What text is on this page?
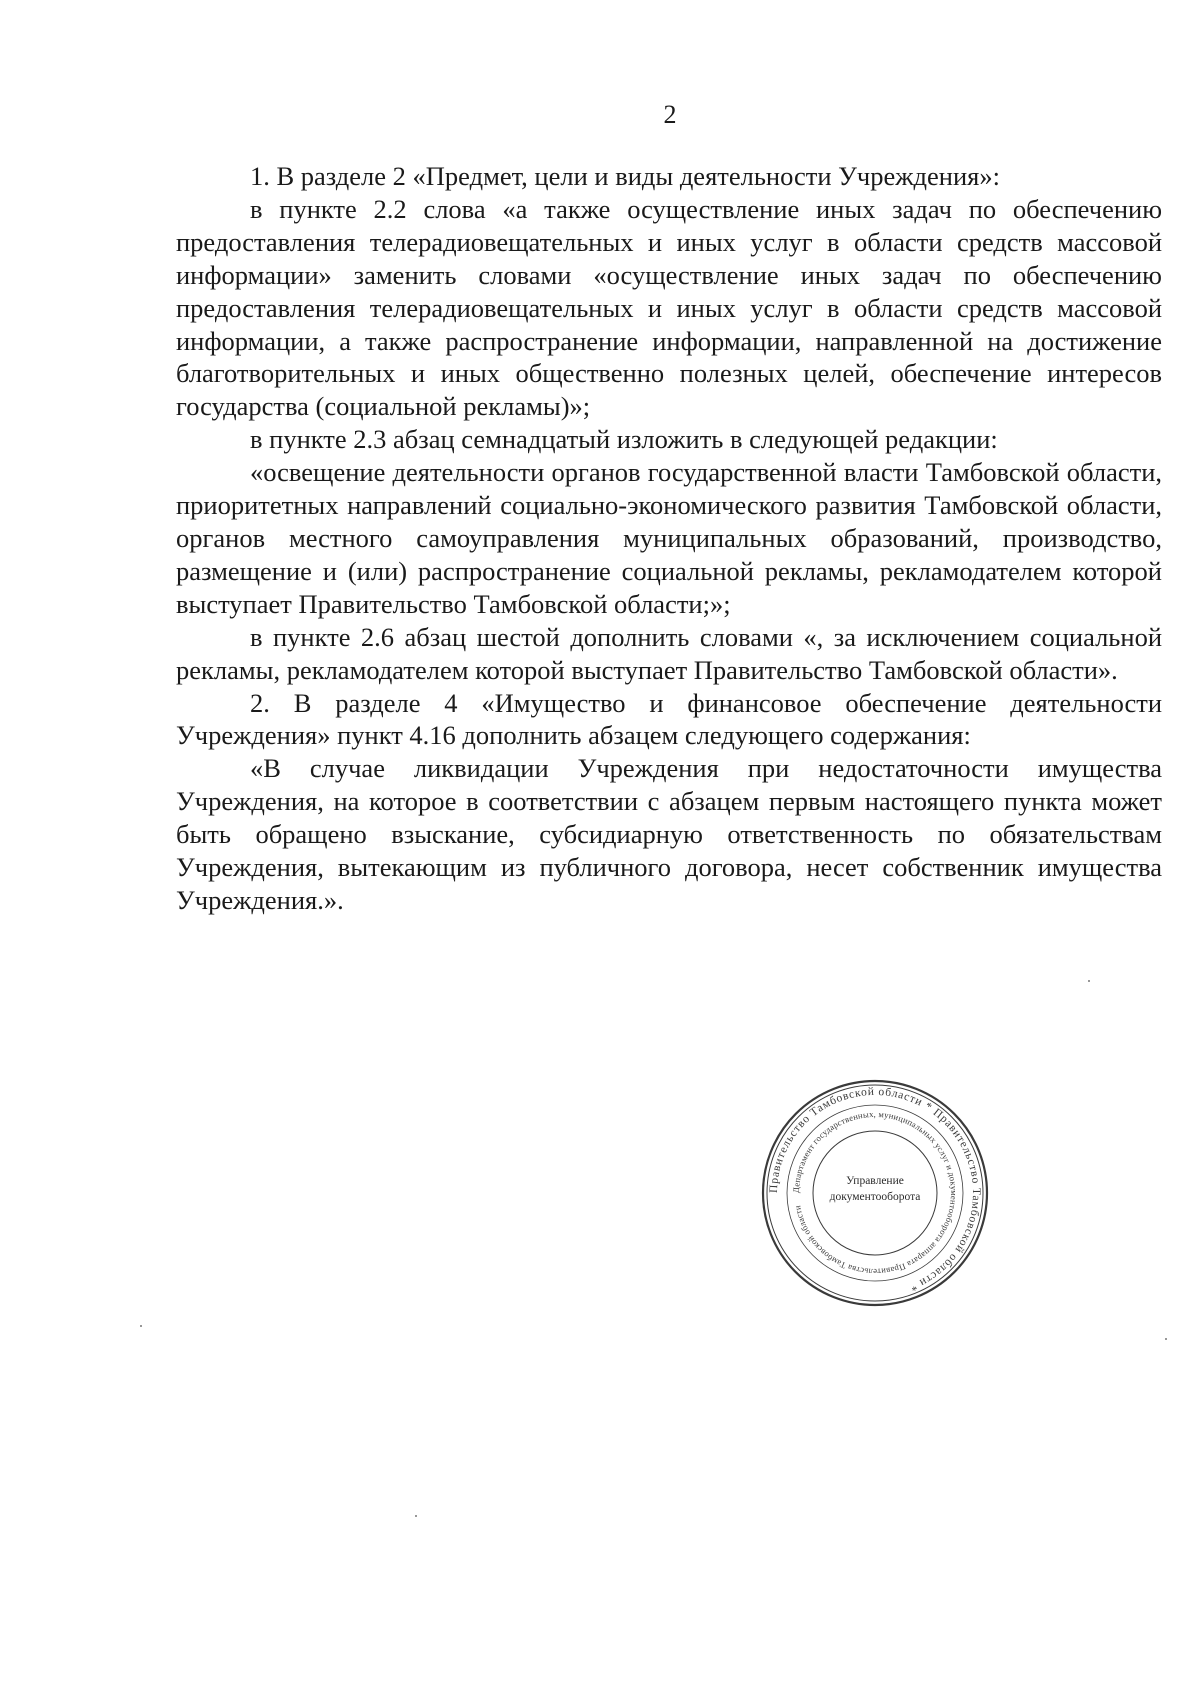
2

1. В разделе 2 «Предмет, цели и виды деятельности Учреждения»:

в пункте 2.2 слова «а также осуществление иных задач по обеспечению предоставления телерадиовещательных и иных услуг в области средств массовой информации» заменить словами «осуществление иных задач по обеспечению предоставления телерадиовещательных и иных услуг в области средств массовой информации, а также распространение информации, направленной на достижение благотворительных и иных общественно полезных целей, обеспечение интересов государства (социальной рекламы)»;

в пункте 2.3 абзац семнадцатый изложить в следующей редакции:

«освещение деятельности органов государственной власти Тамбовской области, приоритетных направлений социально-экономического развития Тамбовской области, органов местного самоуправления муниципальных образований, производство, размещение и (или) распространение социальной рекламы, рекламодателем которой выступает Правительство Тамбовской области;»;

в пункте 2.6 абзац шестой дополнить словами «, за исключением социальной рекламы, рекламодателем которой выступает Правительство Тамбовской области».

2. В разделе 4 «Имущество и финансовое обеспечение деятельности Учреждения» пункт 4.16 дополнить абзацем следующего содержания:

«В случае ликвидации Учреждения при недостаточности имущества Учреждения, на которое в соответствии с абзацем первым настоящего пункта может быть обращено взыскание, субсидиарную ответственность по обязательствам Учреждения, вытекающим из публичного договора, несет собственник имущества Учреждения.».

Правительство Тамбовской области * Правительство Тамбовской области *
Департамент государственных, муниципальных услуг и документооборота аппарата Правительства Тамбовской области
Управление
документооборота
